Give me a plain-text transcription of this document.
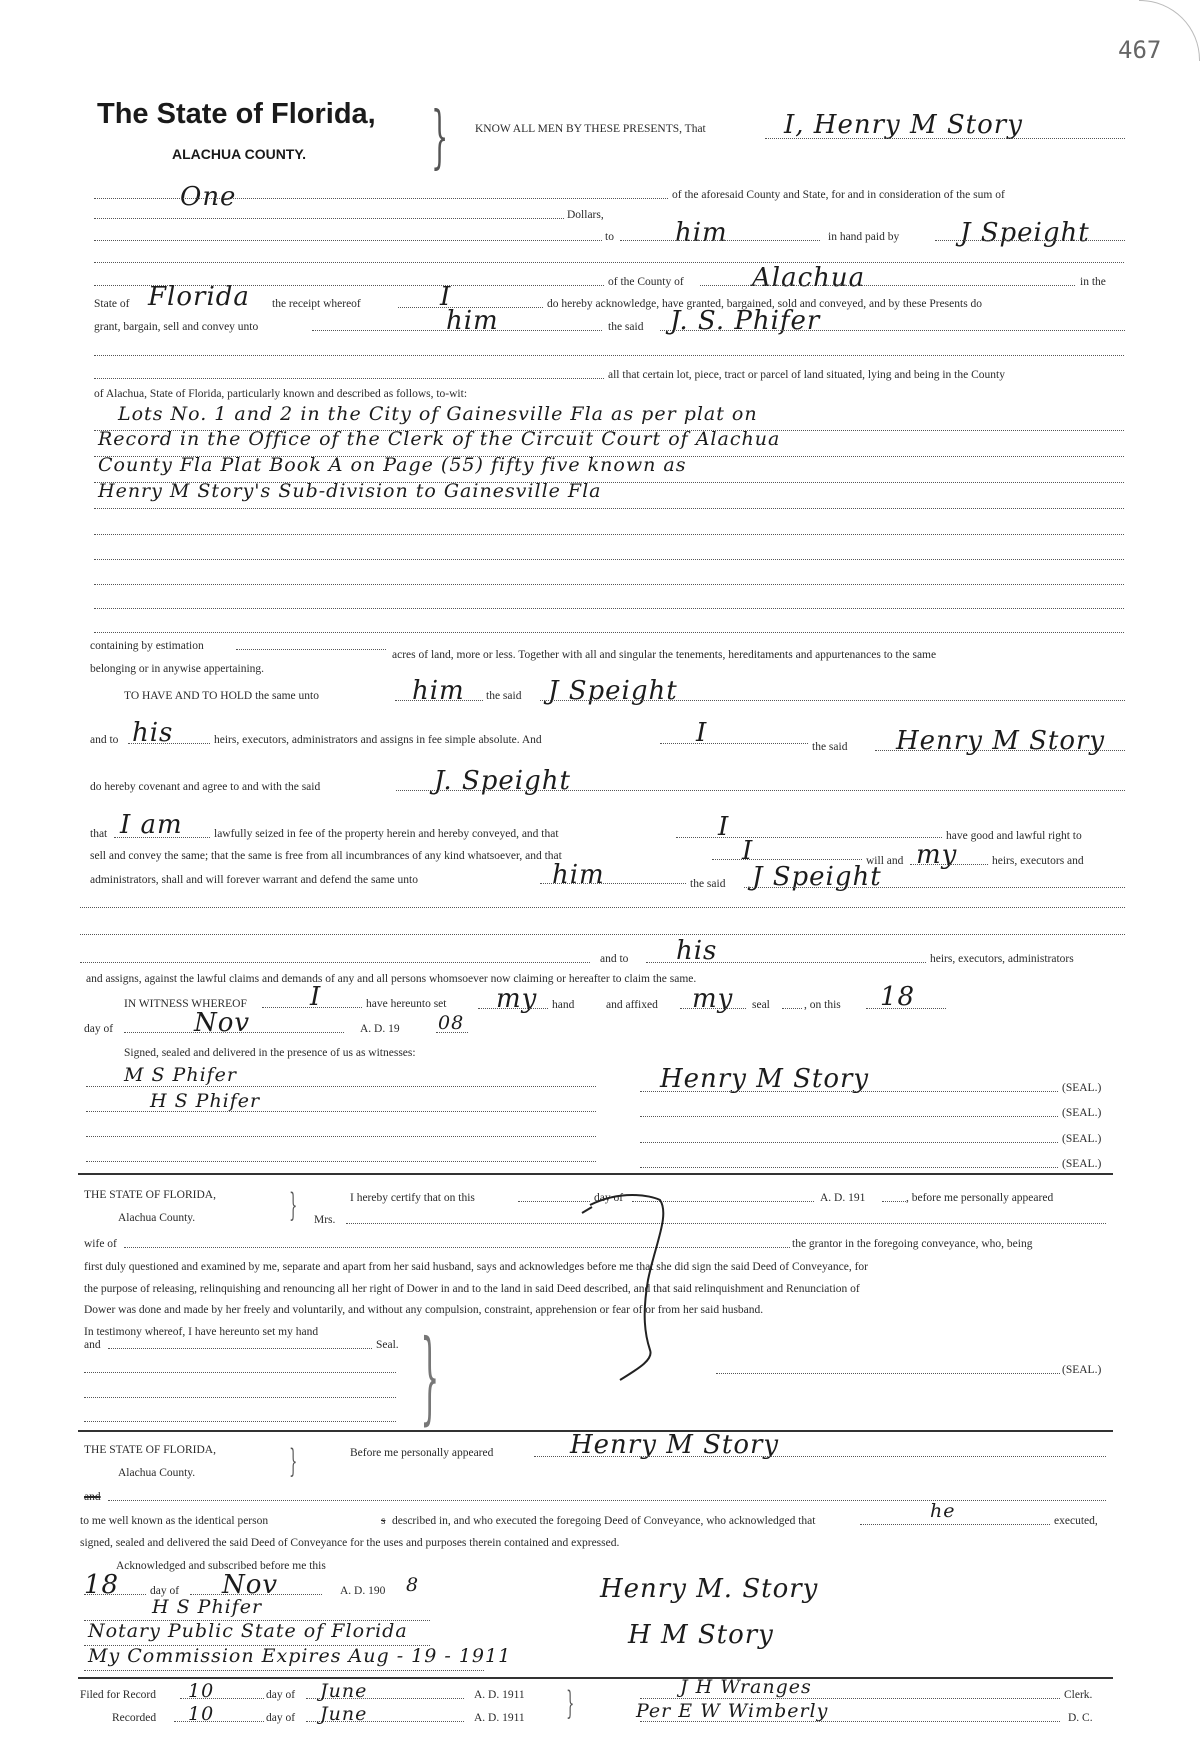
467
The State of Florida,
ALACHUA COUNTY. } KNOW ALL MEN BY THESE PRESENTS, That	I, Henry M Story
One	of the aforesaid County and State, for and in consideration of the sum of
Dollars,
to him	in hand paid by J Speight
of the County of	Alachua	in the
State of Florida the receipt whereof	I	do hereby acknowledge, have granted, bargained, sold and conveyed, and by these Presents do
grant, bargain, sell and convey unto	him	the said J. S. Phifer
all that certain lot, piece, tract or parcel of land situated, lying and being in the County
of Alachua, State of Florida, particularly known and described as follows, to-wit:
Lots No. 1 and 2 in the City of Gainesville Fla as per plat on
Record in the Office of the Clerk of the Circuit Court of Alachua
County Fla Plat Book A on Page (55) fifty five known as
Henry M Story's Sub-division to Gainesville Fla
containing by estimation
acres of land, more or less. Together with all and singular the tenements, hereditaments and appurtenances to the same
belonging or in anywise appertaining.
TO HAVE AND TO HOLD the same unto	him the said J Speight
and to his	heirs, executors, administrators and assigns in fee simple absolute. And	I	the said Henry M Story
do hereby covenant and agree to and with the said	J. Speight
that I am	lawfully seized in fee of the property herein and hereby conveyed, and that	I	have good and lawful right to
sell and convey the same; that the same is free from all incumbrances of any kind whatsoever, and that	I	will and my	heirs, executors and
administrators, shall and will forever warrant and defend the same unto	him	the said J Speight
and to his	heirs, executors, administrators
and assigns, against the lawful claims and demands of any and all persons whomsoever now claiming or hereafter to claim the same.
IN WITNESS WHEREOF I	have hereunto set my hand	and affixed my seal	, on this 18
day of	Nov	A. D. 19 08
Signed, sealed and delivered in the presence of us as witnesses:
M S Phifer
H S Phifer
Henry M Story	(SEAL.)
(SEAL.)
(SEAL.)
(SEAL.)
THE STATE OF FLORIDA,
Alachua County.	}	I hereby certify that on this	day of	A. D. 191	, before me personally appeared
Mrs.
wife of	the grantor in the foregoing conveyance, who, being
first duly questioned and examined by me, separate and apart from her said husband, says and acknowledges before me that she did sign the said Deed of Conveyance, for
the purpose of releasing, relinquishing and renouncing all her right of Dower in and to the land in said Deed described, and that said relinquishment and Renunciation of
Dower was done and made by her freely and voluntarily, and without any compulsion, constraint, apprehension or fear of or from her said husband.
In testimony whereof, I have hereunto set my hand
and	Seal. }	(SEAL.)
THE STATE OF FLORIDA,
Alachua County.	}	Before me personally appeared	Henry M Story
and
to me well known as the identical person	s described in, and who executed the foregoing Deed of Conveyance, who acknowledged that	he	executed,
signed, sealed and delivered the said Deed of Conveyance for the uses and purposes therein contained and expressed.
Acknowledged and subscribed before me this
18	day of Nov	A. D. 190 8
H S Phifer
Notary Public State of Florida
My Commission Expires Aug - 19 - 1911
Henry M. Story
H M Story
Filed for Record 10	day of June	A. D. 1911
Recorded 10	day of June	A. D. 1911 }	J H Wranges	Clerk.
Per E W Wimberly	D. C.
